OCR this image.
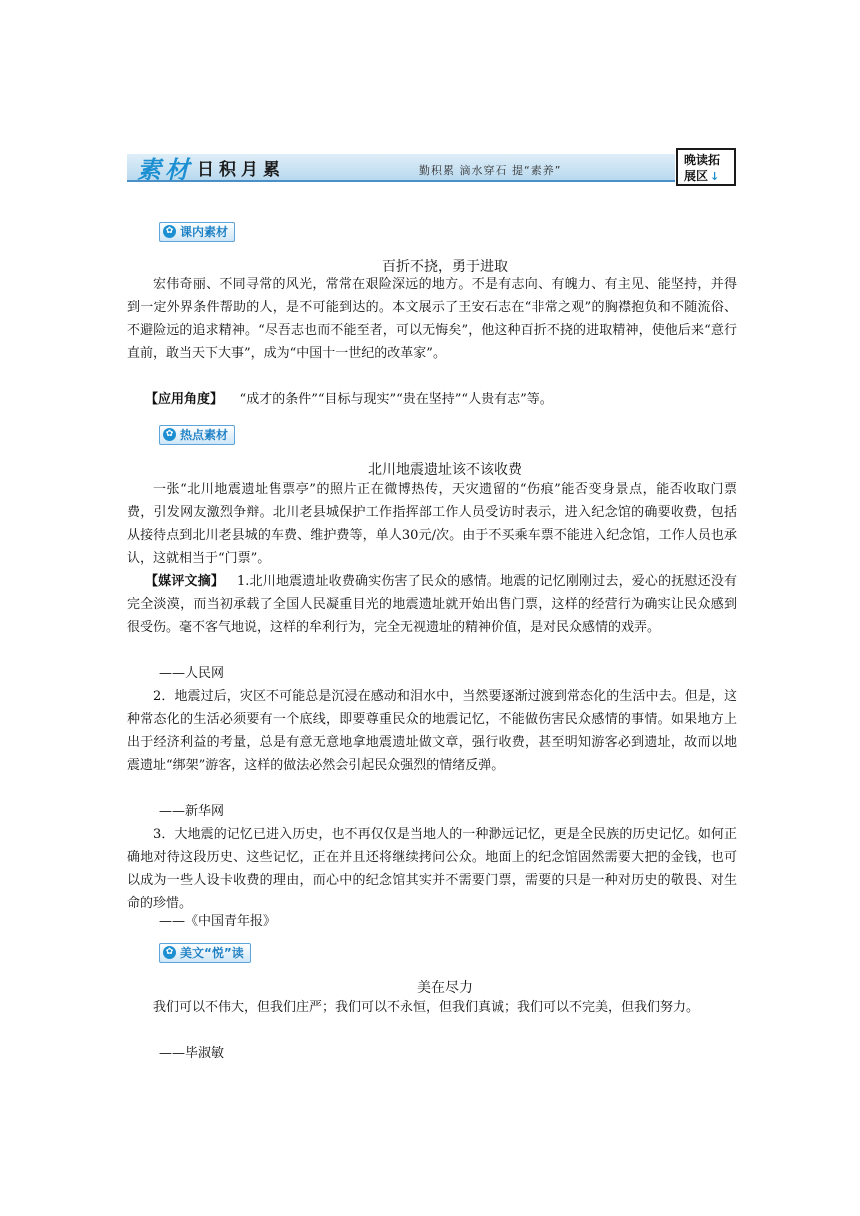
素材 日积月累	勤积累 滴水穿石 提“素养”
晚读拓
展区 ↓
✿ 课内素材
百折不挠，勇于进取

宏伟奇丽、不同寻常的风光，常常在艰险深远的地方。不是有志向、有魄力、有主见、能坚持，并得到一定外界条件帮助的人，是不可能到达的。本文展示了王安石志在“非常之观”的胸襟抱负和不随流俗、不避险远的追求精神。“尽吾志也而不能至者，可以无悔矣”，他这种百折不挠的进取精神，使他后来“意行直前，敢当天下大事”，成为“中国十一世纪的改革家”。

【应用角度】 “成才的条件”“目标与现实”“贵在坚持”“人贵有志”等。

✿ 热点素材
北川地震遗址该不该收费

一张“北川地震遗址售票亭”的照片正在微博热传，天灾遗留的“伤痕”能否变身景点，能否收取门票费，引发网友激烈争辩。北川老县城保护工作指挥部工作人员受访时表示，进入纪念馆的确要收费，包括从接待点到北川老县城的车费、维护费等，单人30元/次。由于不买乘车票不能进入纪念馆，工作人员也承认，这就相当于“门票”。

【媒评文摘】 1.北川地震遗址收费确实伤害了民众的感情。地震的记忆刚刚过去，爱心的抚慰还没有完全淡漠，而当初承载了全国人民凝重目光的地震遗址就开始出售门票，这样的经营行为确实让民众感到很受伤。毫不客气地说，这样的牟利行为，完全无视遗址的精神价值，是对民众感情的戏弄。

——人民网

2．地震过后，灾区不可能总是沉浸在感动和泪水中，当然要逐渐过渡到常态化的生活中去。但是，这种常态化的生活必须要有一个底线，即要尊重民众的地震记忆，不能做伤害民众感情的事情。如果地方上出于经济利益的考量，总是有意无意地拿地震遗址做文章，强行收费，甚至明知游客必到遗址，故而以地震遗址“绑架”游客，这样的做法必然会引起民众强烈的情绪反弹。

——新华网

3．大地震的记忆已进入历史，也不再仅仅是当地人的一种渺远记忆，更是全民族的历史记忆。如何正确地对待这段历史、这些记忆，正在并且还将继续拷问公众。地面上的纪念馆固然需要大把的金钱，也可以成为一些人设卡收费的理由，而心中的纪念馆其实并不需要门票，需要的只是一种对历史的敬畏、对生命的珍惜。

——《中国青年报》
✿ 美文“悦”读
美在尽力

我们可以不伟大，但我们庄严；我们可以不永恒，但我们真诚；我们可以不完美，但我们努力。

——毕淑敏
